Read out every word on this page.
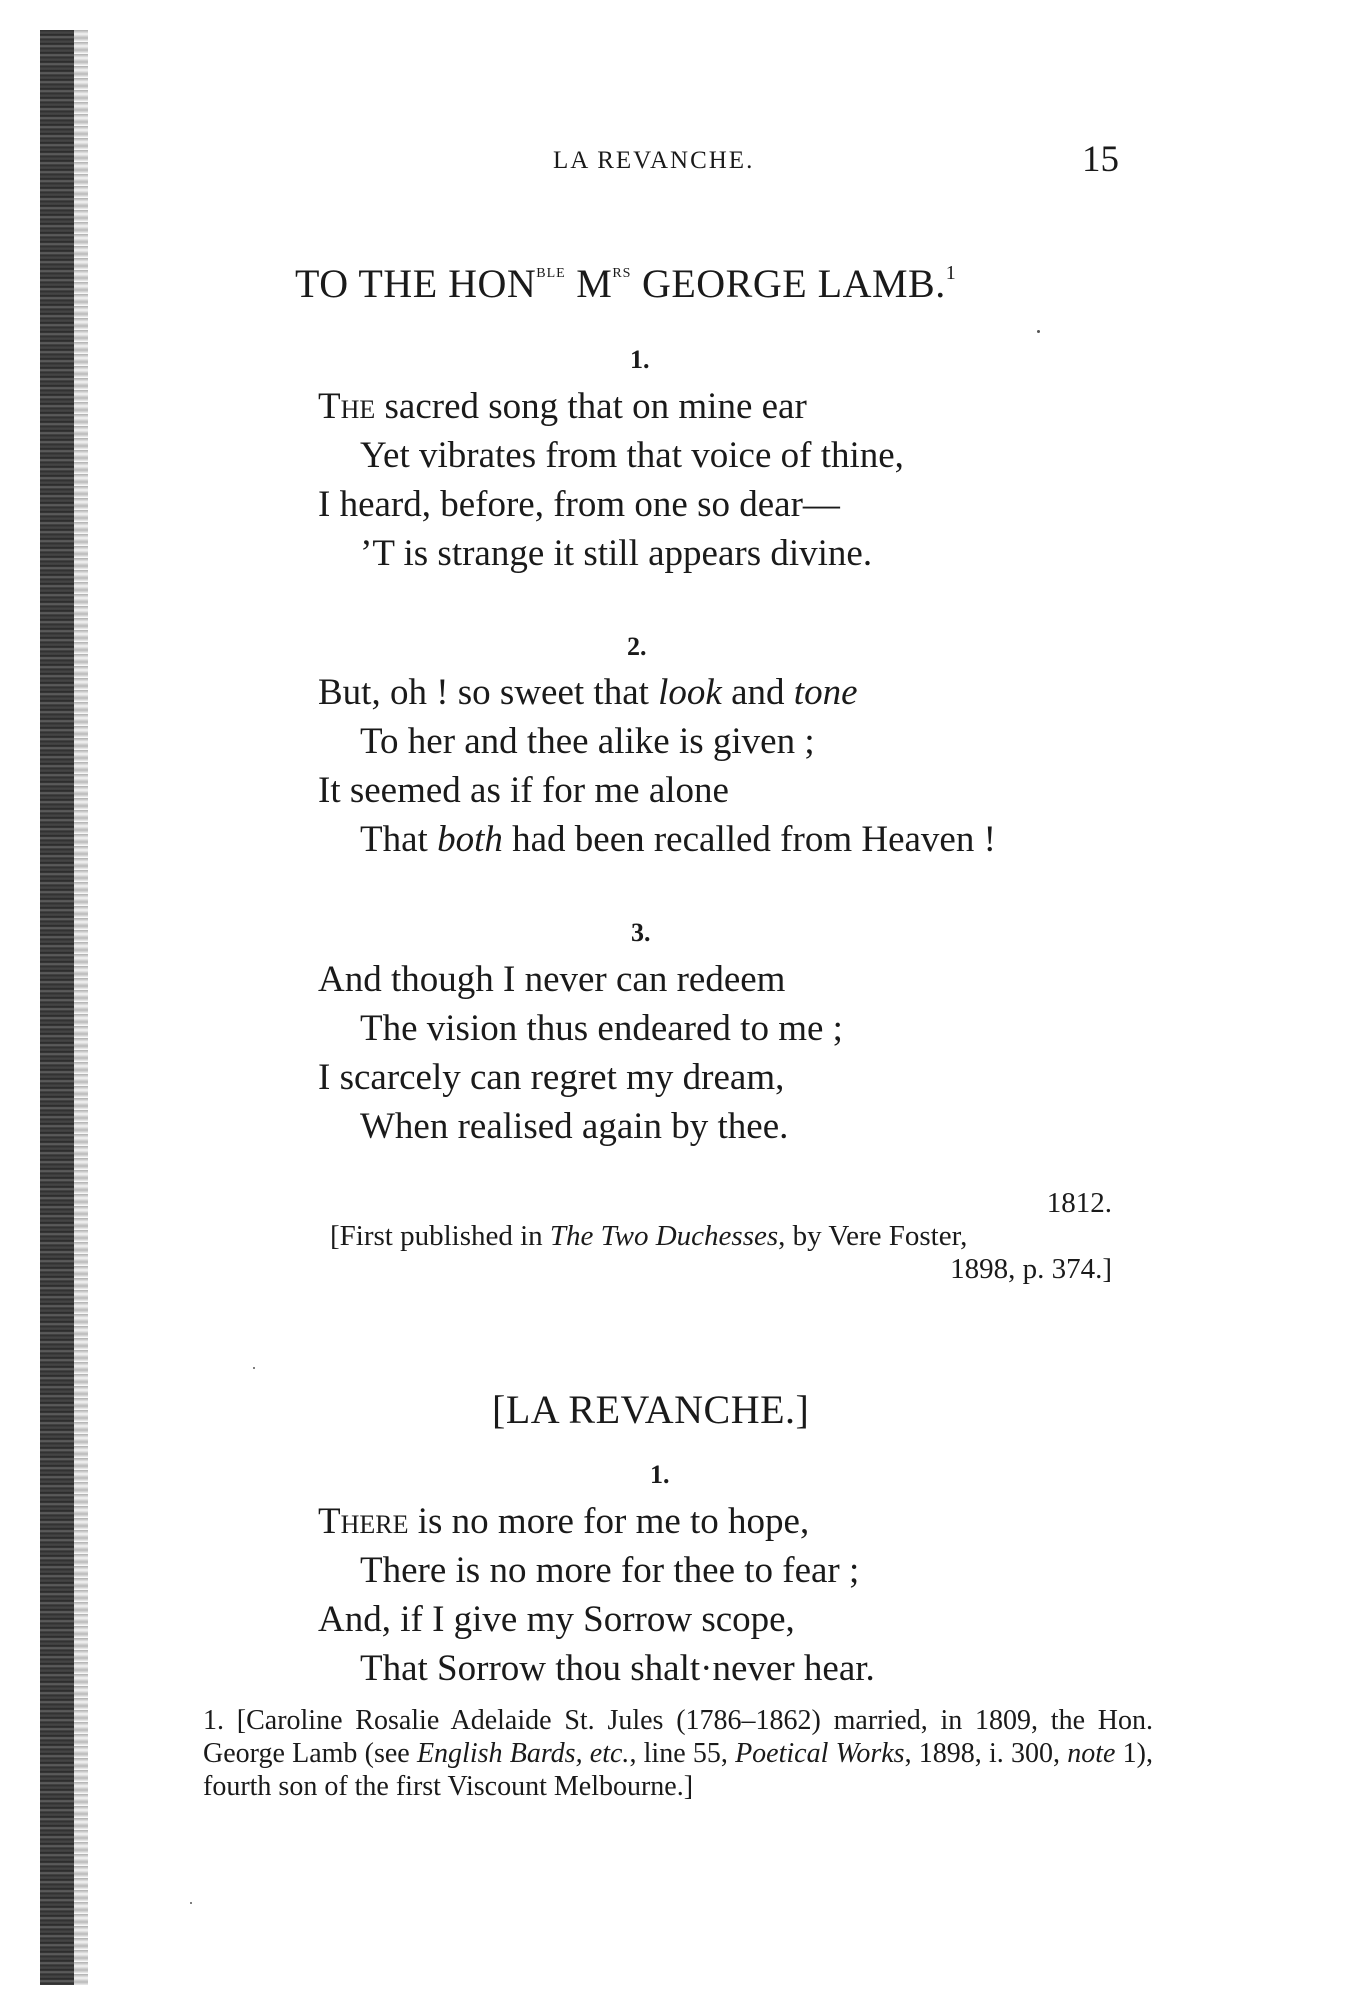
LA REVANCHE.	15
TO THE $HON^{BLE}$ $M^{RS}$ GEORGE LAMB.$^1$
1.
The sacred song that on mine ear
Yet vibrates from that voice of thine,
I heard, before, from one so dear—
’T is strange it still appears divine.
2.
But, oh ! so sweet that look and tone
To her and thee alike is given ;
It seemed as if for me alone
That both had been recalled from Heaven !
3.
And though I never can redeem
The vision thus endeared to me ;
I scarcely can regret my dream,
When realised again by thee.
1812.
[First published in The Two Duchesses, by Vere Foster,
1898, p. 374.]
[LA REVANCHE.]
1.
There is no more for me to hope,
There is no more for thee to fear ;
And, if I give my Sorrow scope,
That Sorrow thou shalt·never hear.
1. [Caroline Rosalie Adelaide St. Jules (1786–1862) married, in 1809, the Hon. George Lamb (see English Bards, etc., line 55, Poetical Works, 1898, i. 300, note 1), fourth son of the first Viscount Melbourne.]
